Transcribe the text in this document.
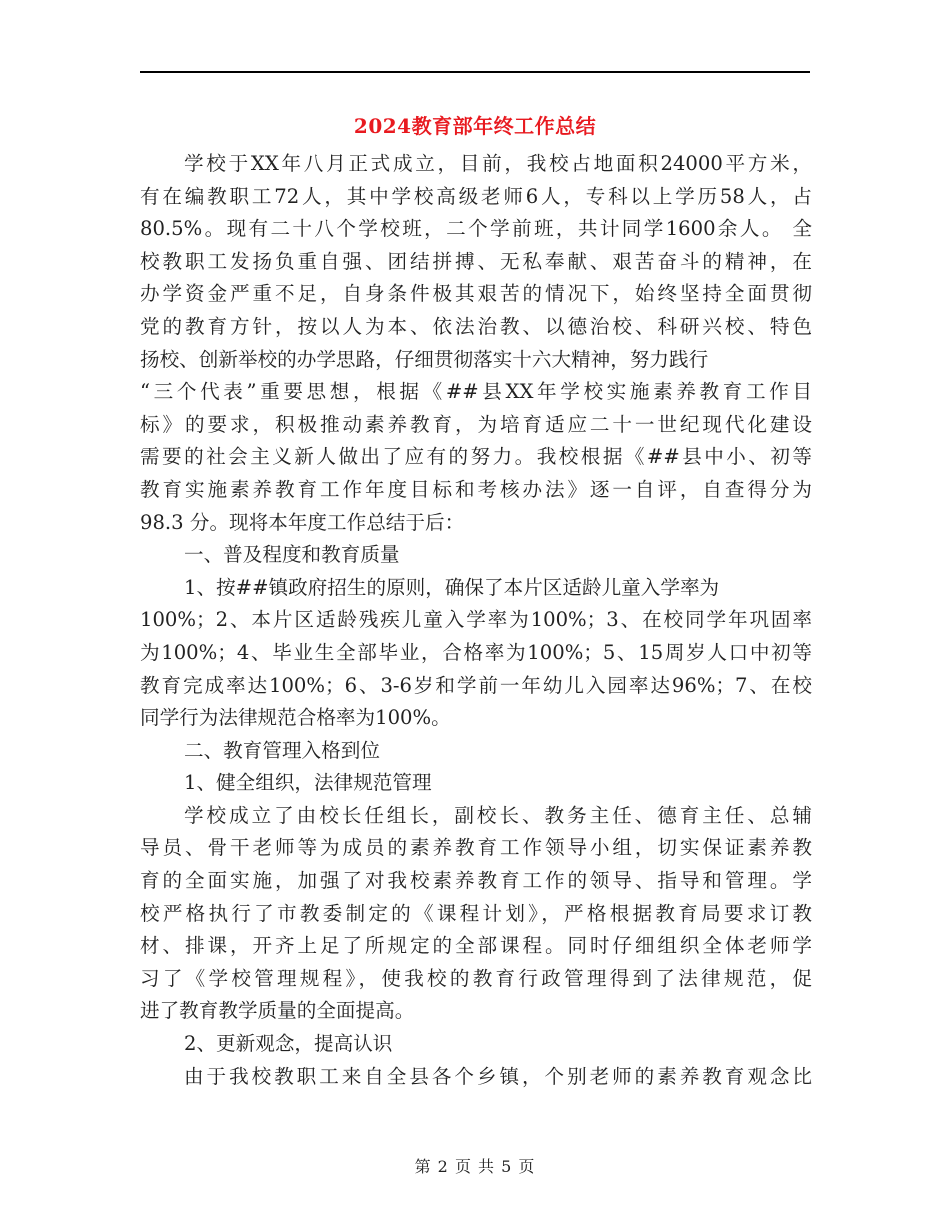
2024教育部年终工作总结
学校于XX年八月正式成立，目前，我校占地面积24000平方米，
有在编教职工72人，其中学校高级老师6人，专科以上学历58人，占
80.5%。现有二十八个学校班，二个学前班，共计同学1600余人。 全
校教职工发扬负重自强、团结拼搏、无私奉献、艰苦奋斗的精神，在
办学资金严重不足，自身条件极其艰苦的情况下，始终坚持全面贯彻
党的教育方针，按以人为本、依法治教、以德治校、科研兴校、特色
扬校、创新举校的办学思路，仔细贯彻落实十六大精神，努力践行
“三个代表”重要思想，根据《##县XX年学校实施素养教育工作目
标》的要求，积极推动素养教育，为培育适应二十一世纪现代化建设
需要的社会主义新人做出了应有的努力。我校根据《##县中小、初等
教育实施素养教育工作年度目标和考核办法》逐一自评，自查得分为
98.3 分。现将本年度工作总结于后：
一、普及程度和教育质量
1、按##镇政府招生的原则，确保了本片区适龄儿童入学率为
100%；2、本片区适龄残疾儿童入学率为100%；3、在校同学年巩固率
为100%；4、毕业生全部毕业，合格率为100%；5、15周岁人口中初等
教育完成率达100%；6、3-6岁和学前一年幼儿入园率达96%；7、在校
同学行为法律规范合格率为100%。
二、教育管理入格到位
1、健全组织，法律规范管理
学校成立了由校长任组长，副校长、教务主任、德育主任、总辅
导员、骨干老师等为成员的素养教育工作领导小组，切实保证素养教
育的全面实施，加强了对我校素养教育工作的领导、指导和管理。学
校严格执行了市教委制定的《课程计划》，严格根据教育局要求订教
材、排课，开齐上足了所规定的全部课程。同时仔细组织全体老师学
习了《学校管理规程》，使我校的教育行政管理得到了法律规范，促
进了教育教学质量的全面提高。
2、更新观念，提高认识
由于我校教职工来自全县各个乡镇，个别老师的素养教育观念比
第 2 页 共 5 页
